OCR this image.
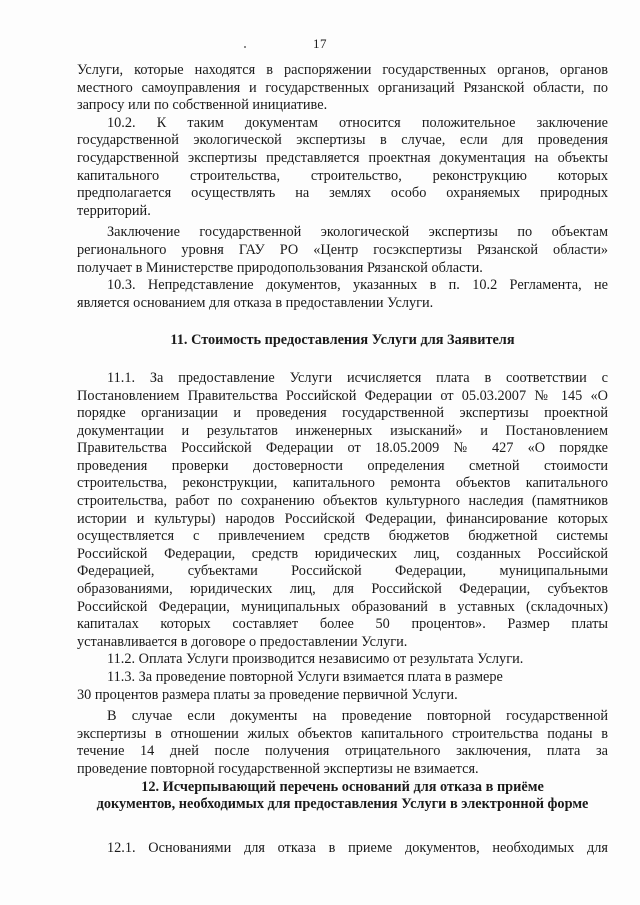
17
Услуги, которые находятся в распоряжении государственных органов, органов
местного самоуправления и государственных организаций Рязанской области, по
запросу или по собственной инициативе.
10.2. К таким документам относится положительное заключение
государственной экологической экспертизы в случае, если для проведения
государственной экспертизы представляется проектная документация на объекты
капитального строительства, строительство, реконструкцию которых
предполагается осуществлять на землях особо охраняемых природных
территорий.
Заключение государственной экологической экспертизы по объектам
регионального уровня ГАУ РО «Центр госэкспертизы Рязанской области»
получает в Министерстве природопользования Рязанской области.
10.3. Непредставление документов, указанных в п. 10.2 Регламента, не
является основанием для отказа в предоставлении Услуги.
11. Стоимость предоставления Услуги для Заявителя
11.1. За предоставление Услуги исчисляется плата в соответствии с
Постановлением Правительства Российской Федерации от 05.03.2007 № 145 «О
порядке организации и проведения государственной экспертизы проектной
документации и результатов инженерных изысканий» и Постановлением
Правительства Российской Федерации от 18.05.2009 № 427 «О порядке
проведения проверки достоверности определения сметной стоимости
строительства, реконструкции, капитального ремонта объектов капитального
строительства, работ по сохранению объектов культурного наследия (памятников
истории и культуры) народов Российской Федерации, финансирование которых
осуществляется с привлечением средств бюджетов бюджетной системы
Российской Федерации, средств юридических лиц, созданных Российской
Федерацией, субъектами Российской Федерации, муниципальными
образованиями, юридических лиц, для Российской Федерации, субъектов
Российской Федерации, муниципальных образований в уставных (складочных)
капиталах которых составляет более 50 процентов». Размер платы
устанавливается в договоре о предоставлении Услуги.
11.2. Оплата Услуги производится независимо от результата Услуги.
11.3. За проведение повторной Услуги взимается плата в размере
30 процентов размера платы за проведение первичной Услуги.
В случае если документы на проведение повторной государственной
экспертизы в отношении жилых объектов капитального строительства поданы в
течение 14 дней после получения отрицательного заключения, плата за
проведение повторной государственной экспертизы не взимается.
12. Исчерпывающий перечень оснований для отказа в приёме
документов, необходимых для предоставления Услуги в электронной форме
12.1. Основаниями для отказа в приеме документов, необходимых для
